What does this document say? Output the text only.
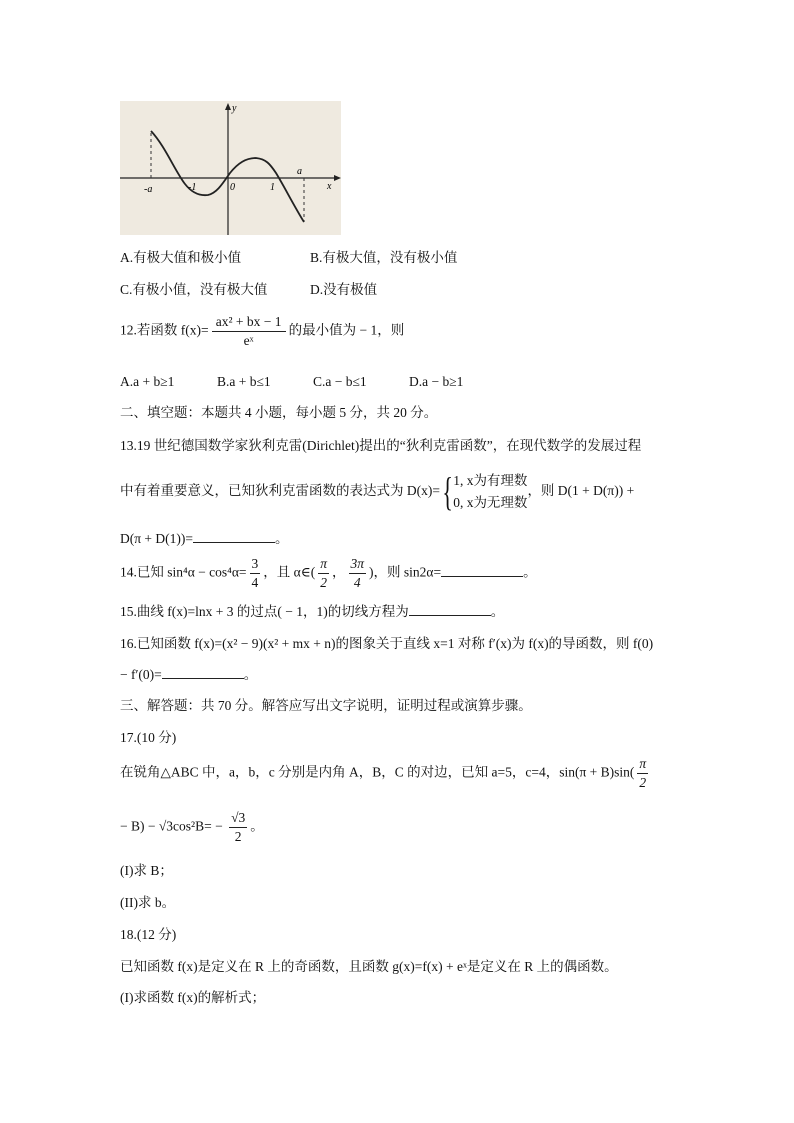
y
x
-a	-1	0	1
a
A.有极大值和极小值	B.有极大值，没有极小值
C.有极小值，没有极大值	D.没有极值
12.若函数 $f(x)= \frac{\text{ax² + bx − 1}}{\text{eˣ}}$ 的最小值为 − 1，则
A.a + b≥1	B.a + b≤1	C.a − b≤1	D.a − b≥1
二、填空题：本题共 4 小题，每小题 5 分，共 20 分。
13.19 世纪德国数学家狄利克雷(Dirichlet)提出的“狄利克雷函数”，在现代数学的发展过程
中有着重要意义，已知狄利克雷函数的表达式为 D(x)={ 1, x为有理数
0, x为无理数
，则 D(1 + D(π)) +
D(π + D(1))=	。
14.已知 $\sin^4\alpha - \cos^4\alpha= \frac{3}{4}$ ，且 α∈( $\frac{\pi}{2}$ ， $\frac{3\pi}{4}$ )，则 sin2α=	。
15.曲线 f(x)=lnx + 3 的过点( − 1，1)的切线方程为	。
16.已知函数 f(x)=(x² − 9)(x² + mx + n)的图象关于直线 x=1 对称 f′(x)为 f(x)的导函数，则 f(0)
− f′(0)=	。
三、解答题：共 70 分。解答应写出文字说明，证明过程或演算步骤。
17.(10 分)
在锐角△ABC 中，a，b，c 分别是内角 A，B，C 的对边，已知 a=5，c=4，$\sin(\pi + B)\sin( \frac{\pi}{2}$
− $B) - √3\cos^2B= - \frac{√3}{2}$ 。
(I)求 B；
(II)求 b。
18.(12 分)
已知函数 f(x)是定义在 R 上的奇函数，且函数 g(x)=f(x) + eˣ是定义在 R 上的偶函数。
(I)求函数 f(x)的解析式；
